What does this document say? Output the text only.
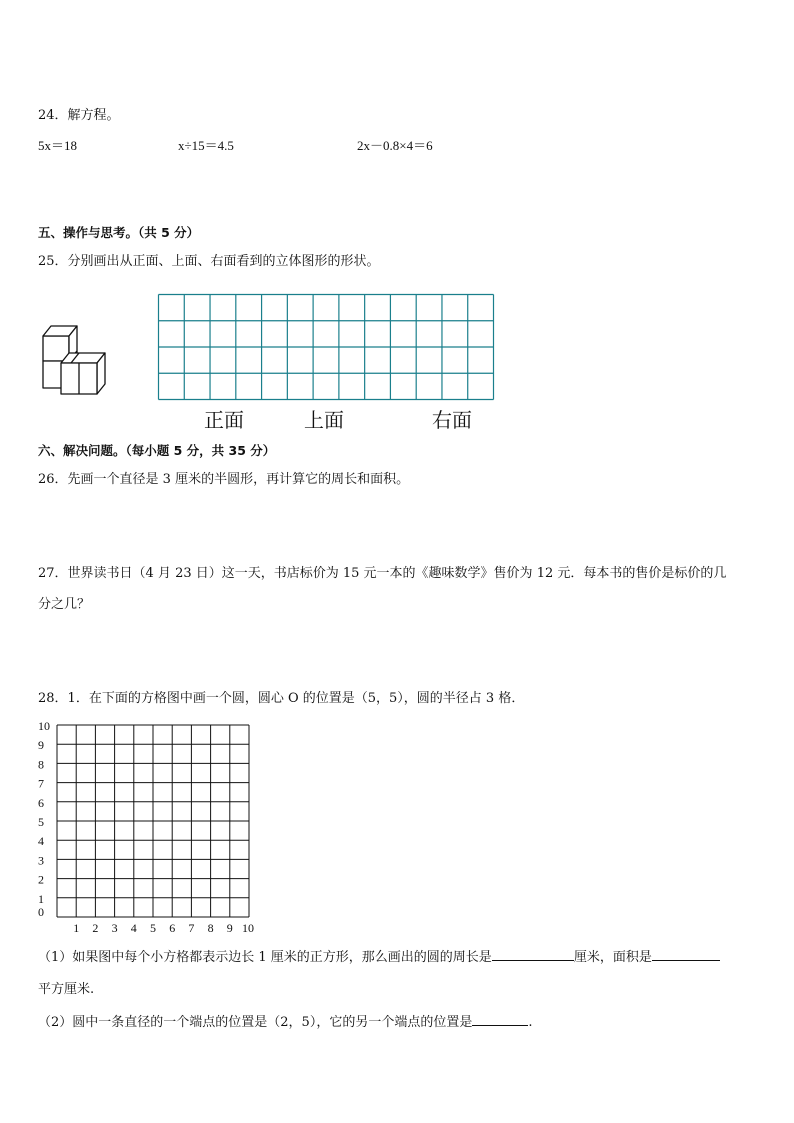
24．解方程。
5x＝18	x÷15＝4.5	2x－0.8×4＝6
五、操作与思考。（共 5 分）
25．分别画出从正面、上面、右面看到的立体图形的形状。
正面	上面	右面
六、解决问题。（每小题 5 分，共 35 分）
26．先画一个直径是 3 厘米的半圆形，再计算它的周长和面积。
27．世界读书日（4 月 23 日）这一天，书店标价为 15 元一本的《趣味数学》售价为 12 元．每本书的售价是标价的几
分之几？
28．1．在下面的方格图中画一个圆，圆心 O 的位置是（5，5），圆的半径占 3 格．
10
9
8
7
6
5
4
3
2
1
0
1 2 3 4 5 6 7 8 9 10
（1）如果图中每个小方格都表示边长 1 厘米的正方形，那么画出的圆的周长是	厘米，面积是
平方厘米.
（2）圆中一条直径的一个端点的位置是（2，5），它的另一个端点的位置是	.
